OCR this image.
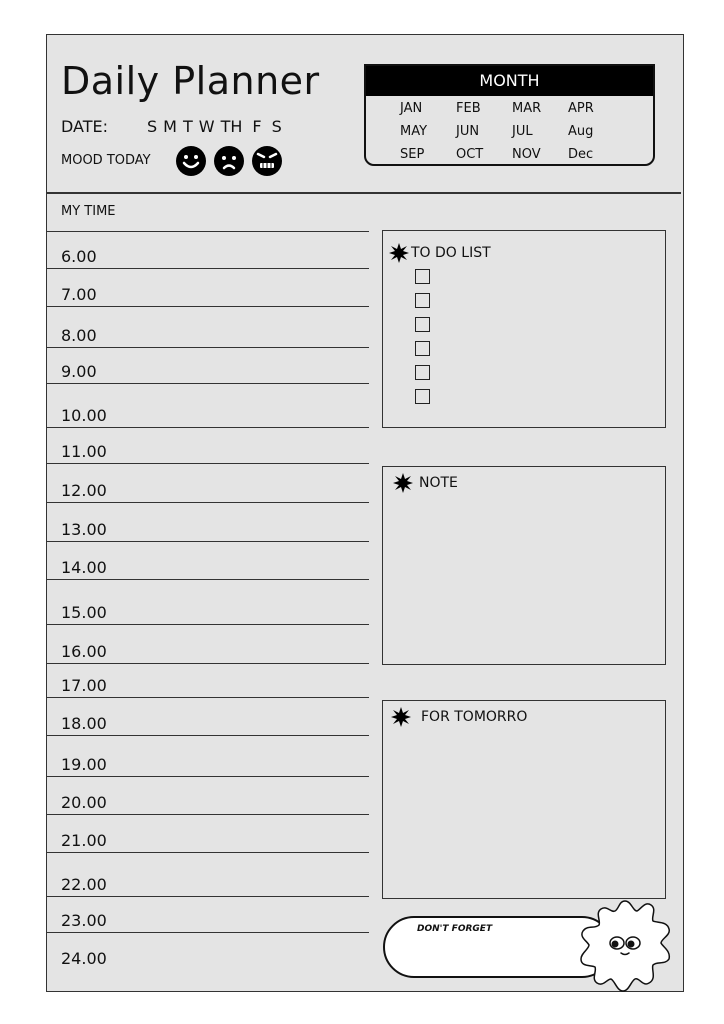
Daily Planner
DATE: S M T W TH F S
MOOD TODAY
MONTH
JAN	FEB	MAR	APR
MAY	JUN	JUL	Aug
SEP	OCT	NOV	Dec
MY TIME
6.00
7.00
8.00
9.00
10.00
11.00
12.00
13.00
14.00
15.00
16.00
17.00
18.00
19.00
20.00
21.00
22.00
23.00
24.00
TO DO LIST
NOTE
FOR TOMORRO
DON'T FORGET
